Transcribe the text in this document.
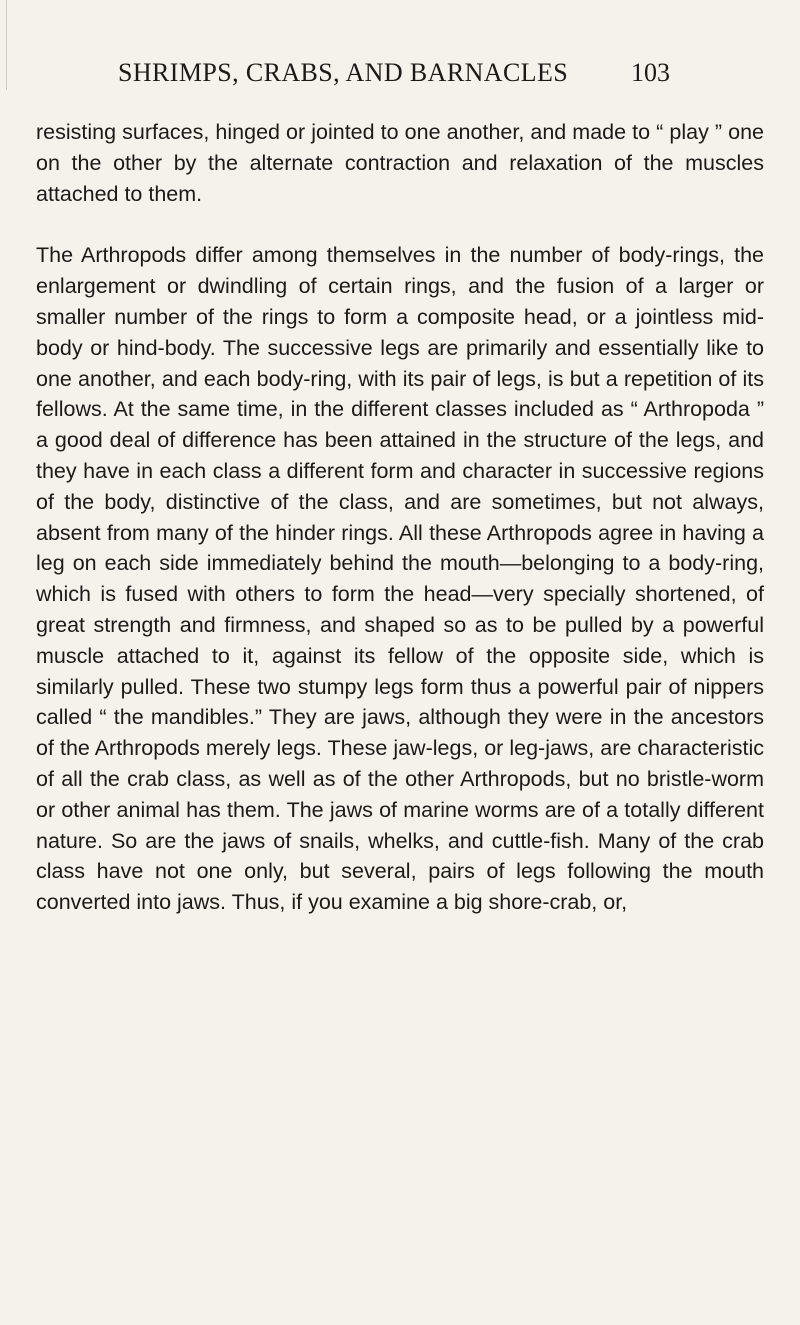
SHRIMPS, CRABS, AND BARNACLES 103

resisting surfaces, hinged or jointed to one another, and made to “ play ” one on the other by the alternate contraction and relaxation of the muscles attached to them.

The Arthropods differ among themselves in the number of body-rings, the enlargement or dwindling of certain rings, and the fusion of a larger or smaller number of the rings to form a composite head, or a jointless mid-body or hind-body. The successive legs are primarily and essentially like to one another, and each body-ring, with its pair of legs, is but a repetition of its fellows. At the same time, in the different classes included as “ Arthropoda ” a good deal of difference has been attained in the structure of the legs, and they have in each class a different form and character in successive regions of the body, distinctive of the class, and are sometimes, but not always, absent from many of the hinder rings. All these Arthropods agree in having a leg on each side immediately behind the mouth—belonging to a body-ring, which is fused with others to form the head—very specially shortened, of great strength and firmness, and shaped so as to be pulled by a powerful muscle attached to it, against its fellow of the opposite side, which is similarly pulled. These two stumpy legs form thus a powerful pair of nippers called “ the mandibles.” They are jaws, although they were in the ancestors of the Arthropods merely legs. These jaw-legs, or leg-jaws, are characteristic of all the crab class, as well as of the other Arthropods, but no bristle-worm or other animal has them. The jaws of marine worms are of a totally different nature. So are the jaws of snails, whelks, and cuttle-fish. Many of the crab class have not one only, but several, pairs of legs following the mouth converted into jaws. Thus, if you examine a big shore-crab, or,
